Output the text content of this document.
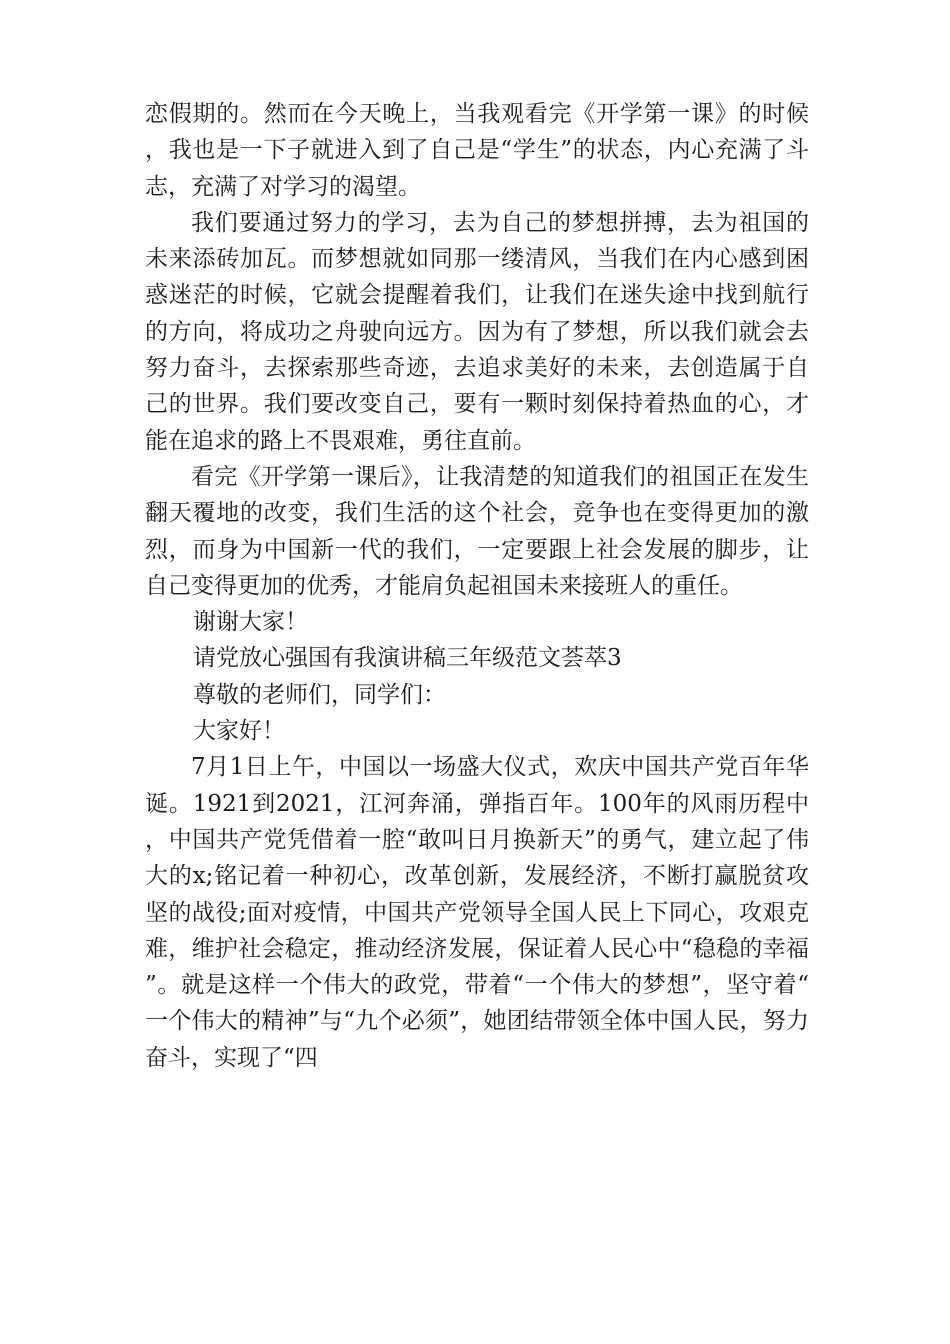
恋假期的。然而在今天晚上，当我观看完《开学第一课》的时候，我也是一下子就进入到了自己是“学生”的状态，内心充满了斗志，充满了对学习的渴望。

我们要通过努力的学习，去为自己的梦想拼搏，去为祖国的未来添砖加瓦。而梦想就如同那一缕清风，当我们在内心感到困惑迷茫的时候，它就会提醒着我们，让我们在迷失途中找到航行的方向，将成功之舟驶向远方。因为有了梦想，所以我们就会去努力奋斗，去探索那些奇迹，去追求美好的未来，去创造属于自己的世界。我们要改变自己，要有一颗时刻保持着热血的心，才能在追求的路上不畏艰难，勇往直前。

看完《开学第一课后》，让我清楚的知道我们的祖国正在发生翻天覆地的改变，我们生活的这个社会，竞争也在变得更加的激烈，而身为中国新一代的我们，一定要跟上社会发展的脚步，让自己变得更加的优秀，才能肩负起祖国未来接班人的重任。

谢谢大家！

请党放心强国有我演讲稿三年级范文荟萃3

尊敬的老师们，同学们：

大家好！

7月1日上午，中国以一场盛大仪式，欢庆中国共产党百年华诞。1921到2021，江河奔涌，弹指百年。100年的风雨历程中，中国共产党凭借着一腔“敢叫日月换新天”的勇气，建立起了伟大的x;铭记着一种初心，改革创新，发展经济，不断打赢脱贫攻坚的战役;面对疫情，中国共产党领导全国人民上下同心，攻艰克难，维护社会稳定，推动经济发展，保证着人民心中“稳稳的幸福”。就是这样一个伟大的政党，带着“一个伟大的梦想”，坚守着“一个伟大的精神”与“九个必须”，她团结带领全体中国人民，努力奋斗，实现了“四
